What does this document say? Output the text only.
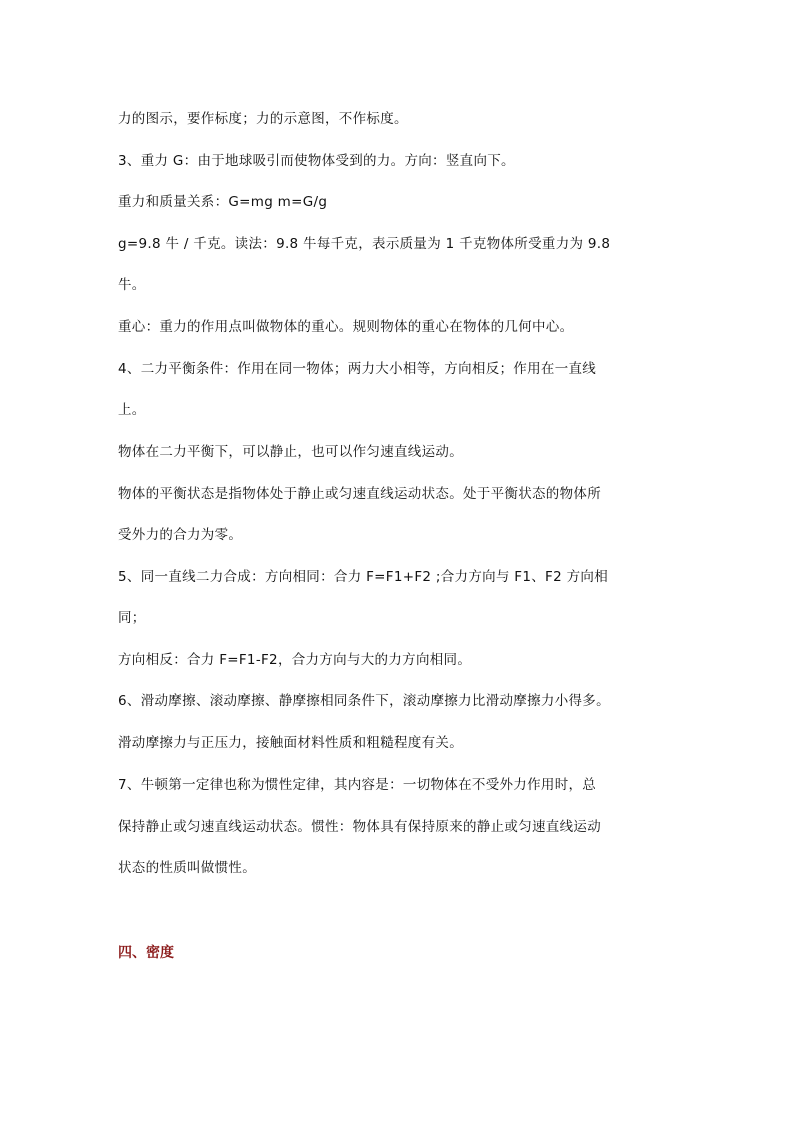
力的图示，要作标度；力的示意图，不作标度。
3、重力 G：由于地球吸引而使物体受到的力。方向：竖直向下。
重力和质量关系：G=mg m=G/g
g=9.8 牛 / 千克。读法：9.8 牛每千克，表示质量为 1 千克物体所受重力为 9.8
牛。
重心：重力的作用点叫做物体的重心。规则物体的重心在物体的几何中心。
4、二力平衡条件：作用在同一物体；两力大小相等，方向相反；作用在一直线
上。
物体在二力平衡下，可以静止，也可以作匀速直线运动。
物体的平衡状态是指物体处于静止或匀速直线运动状态。处于平衡状态的物体所
受外力的合力为零。
5、同一直线二力合成：方向相同：合力 F=F1+F2 ;合力方向与 F1、F2 方向相
同；
方向相反：合力 F=F1-F2，合力方向与大的力方向相同。
6、滑动摩擦、滚动摩擦、静摩擦相同条件下，滚动摩擦力比滑动摩擦力小得多。
滑动摩擦力与正压力，接触面材料性质和粗糙程度有关。
7、牛顿第一定律也称为惯性定律，其内容是：一切物体在不受外力作用时，总
保持静止或匀速直线运动状态。惯性：物体具有保持原来的静止或匀速直线运动
状态的性质叫做惯性。
四、密度
